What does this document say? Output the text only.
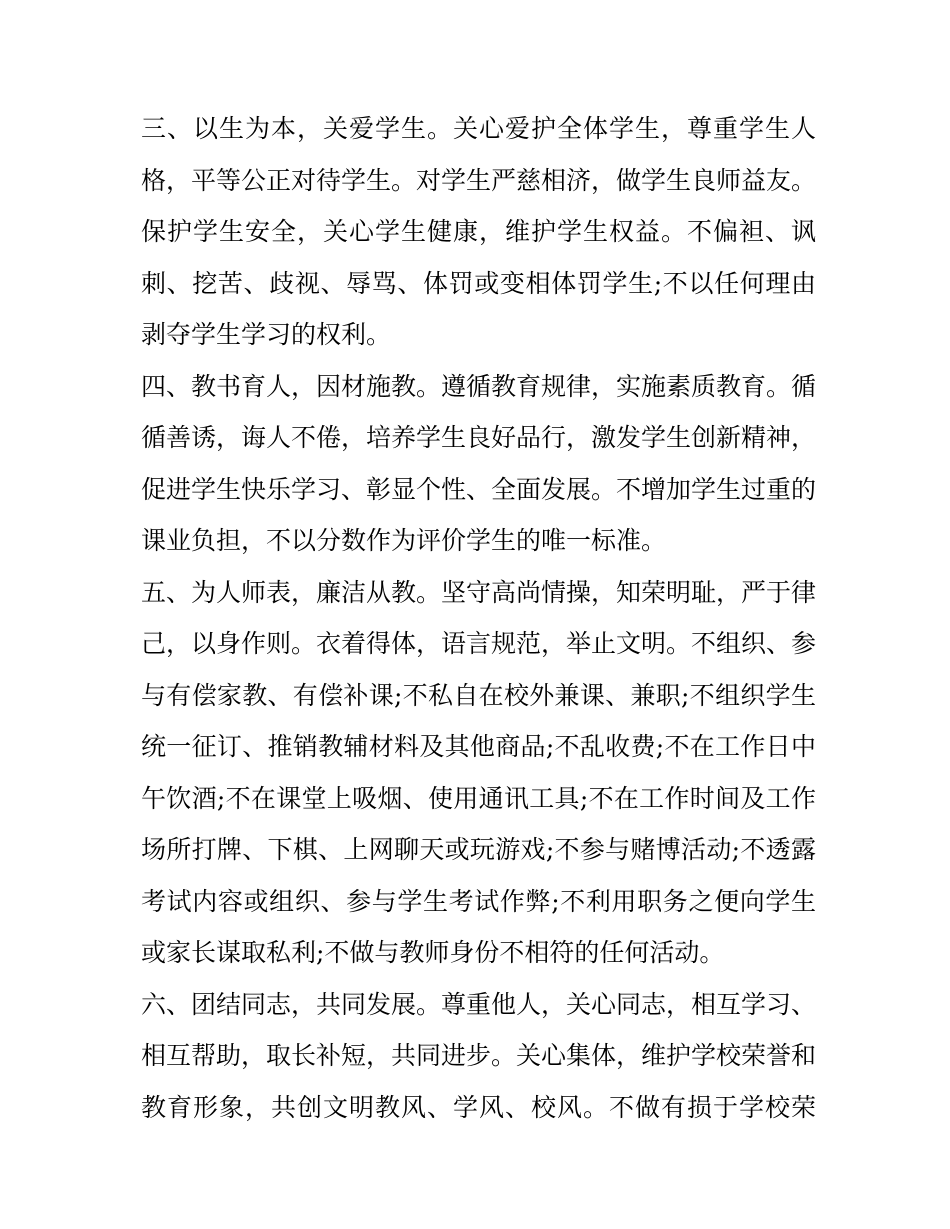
三、以生为本，关爱学生。关心爱护全体学生，尊重学生人
格，平等公正对待学生。对学生严慈相济，做学生良师益友。
保护学生安全，关心学生健康，维护学生权益。不偏袒、讽
刺、挖苦、歧视、辱骂、体罚或变相体罚学生;不以任何理由
剥夺学生学习的权利。
四、教书育人，因材施教。遵循教育规律，实施素质教育。循
循善诱，诲人不倦，培养学生良好品行，激发学生创新精神，
促进学生快乐学习、彰显个性、全面发展。不增加学生过重的
课业负担，不以分数作为评价学生的唯一标准。
五、为人师表，廉洁从教。坚守高尚情操，知荣明耻，严于律
己，以身作则。衣着得体，语言规范，举止文明。不组织、参
与有偿家教、有偿补课;不私自在校外兼课、兼职;不组织学生
统一征订、推销教辅材料及其他商品;不乱收费;不在工作日中
午饮酒;不在课堂上吸烟、使用通讯工具;不在工作时间及工作
场所打牌、下棋、上网聊天或玩游戏;不参与赌博活动;不透露
考试内容或组织、参与学生考试作弊;不利用职务之便向学生
或家长谋取私利;不做与教师身份不相符的任何活动。
六、团结同志，共同发展。尊重他人，关心同志，相互学习、
相互帮助，取长补短，共同进步。关心集体，维护学校荣誉和
教育形象，共创文明教风、学风、校风。不做有损于学校荣
